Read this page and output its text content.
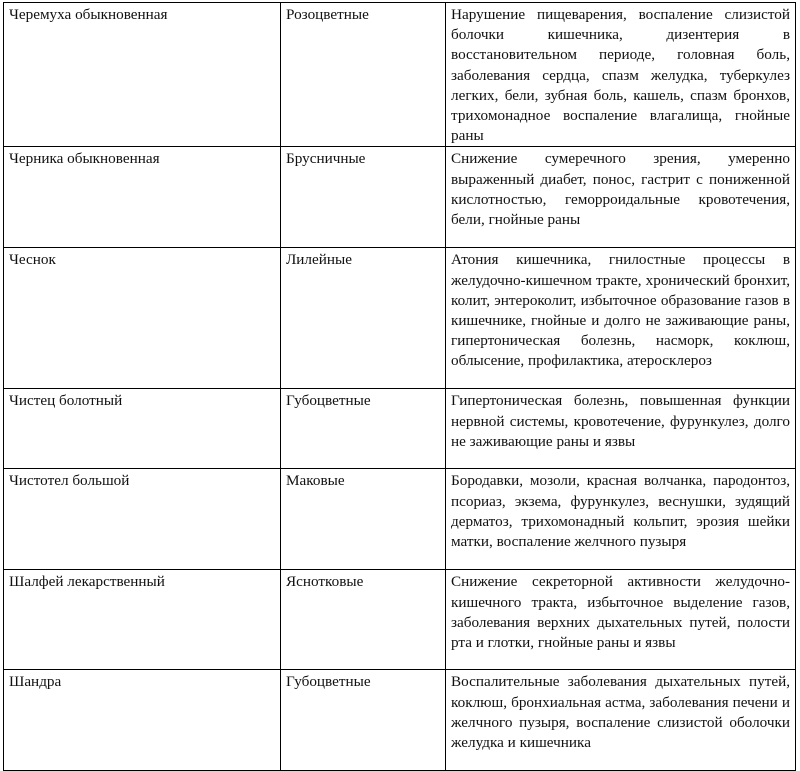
Черемуха обыкновенная	Розоцветные	Нарушение пищеварения, воспаление слизистой болочки кишечника, дизентерия в восстановительном периоде, головная боль, заболевания сердца, спазм желудка, туберкулез легких, бели, зубная боль, кашель, спазм бронхов, трихомонадное воспаление влагалища, гнойные раны
Черника обыкновенная	Брусничные	Снижение сумеречного зрения, умеренно выраженный диабет, понос, гастрит с пониженной кислотностью, геморроидальные кровотечения, бели, гнойные раны
Чеснок	Лилейные	Атония кишечника, гнилостные процессы в желудочно-кишечном тракте, хронический бронхит, колит, энтероколит, избыточное образование газов в кишечнике, гнойные и долго не заживающие раны, гипертоническая болезнь, насморк, коклюш, облысение, профилактика, атеросклероз
Чистец болотный	Губоцветные	Гипертоническая болезнь, повышенная функции нервной системы, кровотечение, фурункулез, долго не заживающие раны и язвы
Чистотел большой	Маковые	Бородавки, мозоли, красная волчанка, пародонтоз, псориаз, экзема, фурункулез, веснушки, зудящий дерматоз, трихомонадный кольпит, эрозия шейки матки, воспаление желчного пузыря
Шалфей лекарственный	Яснотковые	Снижение секреторной активности желудочно-кишечного тракта, избыточное выделение газов, заболевания верхних дыхательных путей, полости рта и глотки, гнойные раны и язвы
Шандра	Губоцветные	Воспалительные заболевания дыхательных путей, коклюш, бронхиальная астма, заболевания печени и желчного пузыря, воспаление слизистой оболочки желудка и кишечника
